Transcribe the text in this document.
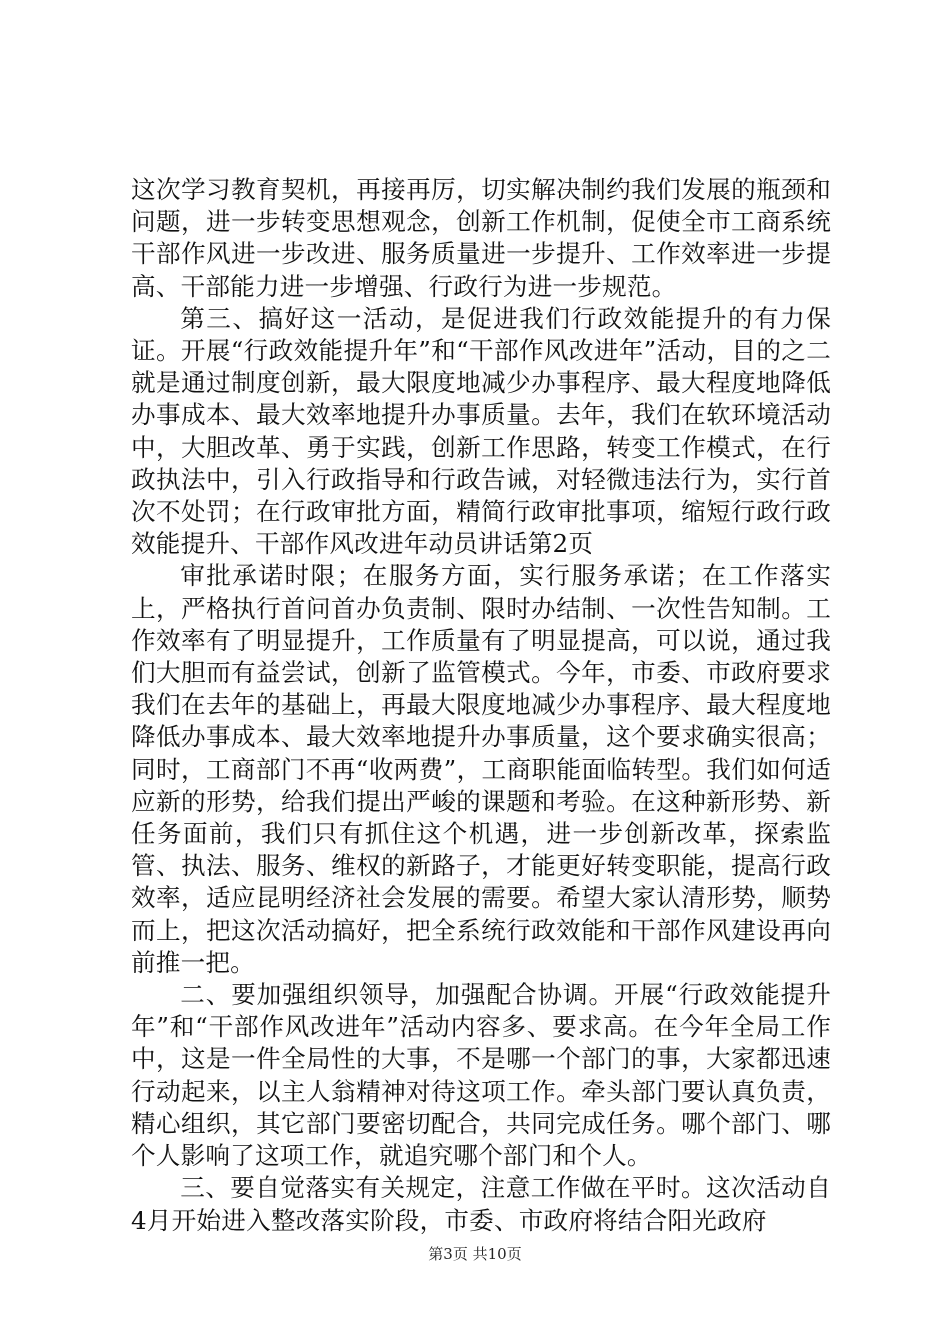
这次学习教育契机，再接再厉，切实解决制约我们发展的瓶颈和问题，进一步转变思想观念，创新工作机制，促使全市工商系统干部作风进一步改进、服务质量进一步提升、工作效率进一步提高、干部能力进一步增强、行政行为进一步规范。

第三、搞好这一活动，是促进我们行政效能提升的有力保证。开展“行政效能提升年”和“干部作风改进年”活动，目的之二就是通过制度创新，最大限度地减少办事程序、最大程度地降低办事成本、最大效率地提升办事质量。去年，我们在软环境活动中，大胆改革、勇于实践，创新工作思路，转变工作模式，在行政执法中，引入行政指导和行政告诫，对轻微违法行为，实行首次不处罚；在行政审批方面，精简行政审批事项，缩短行政行政效能提升、干部作风改进年动员讲话第2页

审批承诺时限；在服务方面，实行服务承诺；在工作落实上，严格执行首问首办负责制、限时办结制、一次性告知制。工作效率有了明显提升，工作质量有了明显提高，可以说，通过我们大胆而有益尝试，创新了监管模式。今年，市委、市政府要求我们在去年的基础上，再最大限度地减少办事程序、最大程度地降低办事成本、最大效率地提升办事质量，这个要求确实很高；同时，工商部门不再“收两费”，工商职能面临转型。我们如何适应新的形势，给我们提出严峻的课题和考验。在这种新形势、新任务面前，我们只有抓住这个机遇，进一步创新改革，探索监管、执法、服务、维权的新路子，才能更好转变职能，提高行政效率，适应昆明经济社会发展的需要。希望大家认清形势，顺势而上，把这次活动搞好，把全系统行政效能和干部作风建设再向前推一把。

二、要加强组织领导，加强配合协调。开展“行政效能提升年”和“干部作风改进年”活动内容多、要求高。在今年全局工作中，这是一件全局性的大事，不是哪一个部门的事，大家都迅速行动起来，以主人翁精神对待这项工作。牵头部门要认真负责，精心组织，其它部门要密切配合，共同完成任务。哪个部门、哪个人影响了这项工作，就追究哪个部门和个人。

三、要自觉落实有关规定，注意工作做在平时。这次活动自4月开始进入整改落实阶段，市委、市政府将结合阳光政府

第3页 共10页
